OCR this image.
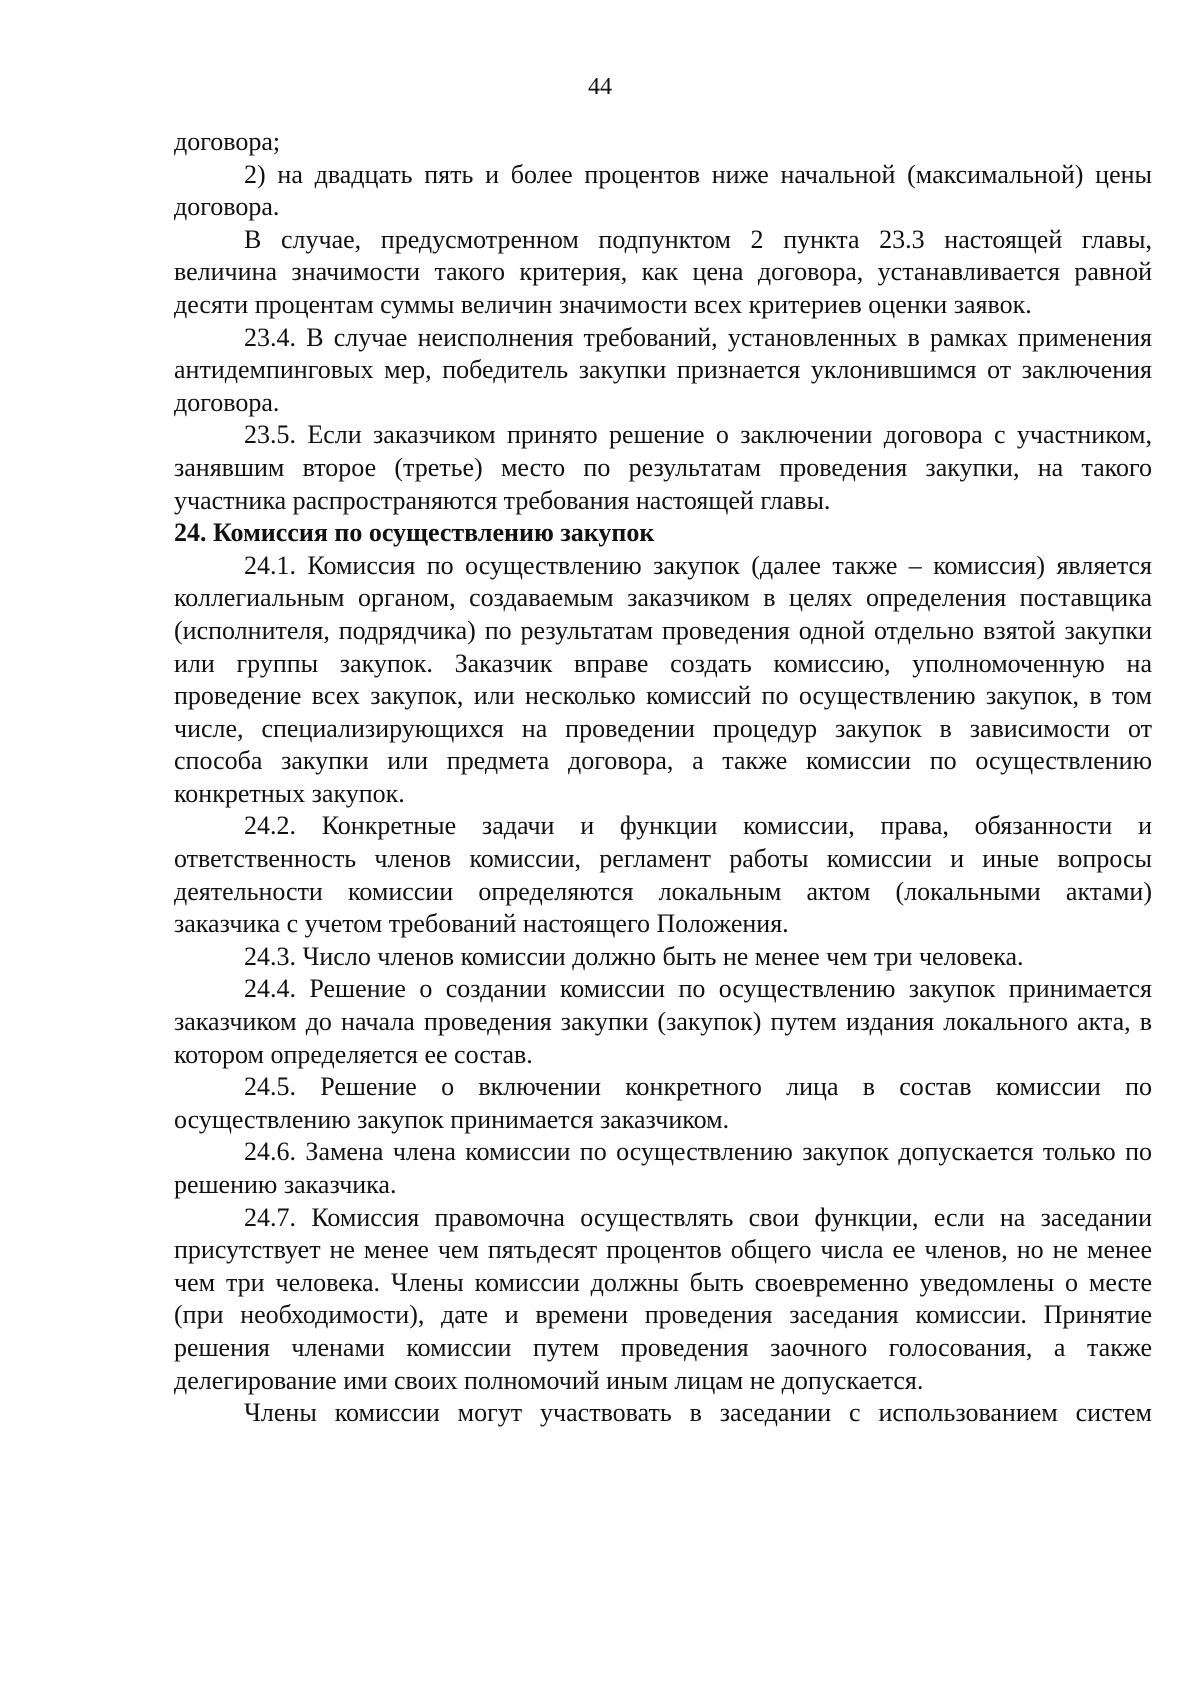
44

договора;

2) на двадцать пять и более процентов ниже начальной (максимальной) цены договора.

В случае, предусмотренном подпунктом 2 пункта 23.3 настоящей главы, величина значимости такого критерия, как цена договора, устанавливается равной десяти процентам суммы величин значимости всех критериев оценки заявок.

23.4. В случае неисполнения требований, установленных в рамках применения антидемпинговых мер, победитель закупки признается уклонившимся от заключения договора.

23.5. Если заказчиком принято решение о заключении договора с участником, занявшим второе (третье) место по результатам проведения закупки, на такого участника распространяются требования настоящей главы.

24. Комиссия по осуществлению закупок

24.1. Комиссия по осуществлению закупок (далее также – комиссия) является коллегиальным органом, создаваемым заказчиком в целях определения поставщика (исполнителя, подрядчика) по результатам проведения одной отдельно взятой закупки или группы закупок. Заказчик вправе создать комиссию, уполномоченную на проведение всех закупок, или несколько комиссий по осуществлению закупок, в том числе, специализирующихся на проведении процедур закупок в зависимости от способа закупки или предмета договора, а также комиссии по осуществлению конкретных закупок.

24.2. Конкретные задачи и функции комиссии, права, обязанности и ответственность членов комиссии, регламент работы комиссии и иные вопросы деятельности комиссии определяются локальным актом (локальными актами) заказчика с учетом требований настоящего Положения.

24.3. Число членов комиссии должно быть не менее чем три человека.

24.4. Решение о создании комиссии по осуществлению закупок принимается заказчиком до начала проведения закупки (закупок) путем издания локального акта, в котором определяется ее состав.

24.5. Решение о включении конкретного лица в состав комиссии по осуществлению закупок принимается заказчиком.

24.6. Замена члена комиссии по осуществлению закупок допускается только по решению заказчика.

24.7. Комиссия правомочна осуществлять свои функции, если на заседании присутствует не менее чем пятьдесят процентов общего числа ее членов, но не менее чем три человека. Члены комиссии должны быть своевременно уведомлены о месте (при необходимости), дате и времени проведения заседания комиссии. Принятие решения членами комиссии путем проведения заочного голосования, а также делегирование ими своих полномочий иным лицам не допускается.

Члены комиссии могут участвовать в заседании с использованием систем
